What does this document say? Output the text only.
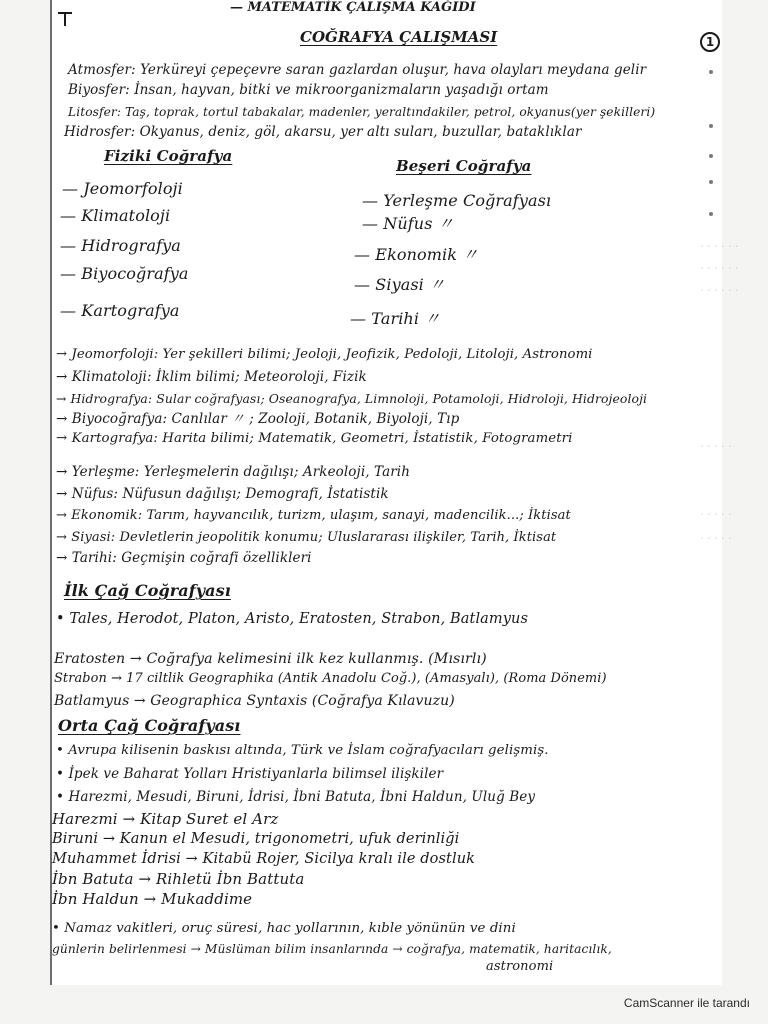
· · · · · ·
· · · · · ·
· · · · · ·
· · · · ·
· · · · ·
· · · · ·
— MATEMATİK ÇALIŞMA KAĞIDI
COĞRAFYA ÇALIŞMASI	1
Atmosfer: Yerküreyi çepeçevre saran gazlardan oluşur, hava olayları meydana gelir
Biyosfer: İnsan, hayvan, bitki ve mikroorganizmaların yaşadığı ortam
Litosfer: Taş, toprak, tortul tabakalar, madenler, yeraltındakiler, petrol, okyanus(yer şekilleri)
Hidrosfer: Okyanus, deniz, göl, akarsu, yer altı suları, buzullar, bataklıklar
Fiziki Coğrafya
Beşeri Coğrafya
— Jeomorfoloji
— Klimatoloji
— Hidrografya
— Biyocoğrafya
— Kartografya
— Yerleşme Coğrafyası
— Nüfus 〃
— Ekonomik 〃
— Siyasi 〃
— Tarihi 〃
→ Jeomorfoloji: Yer şekilleri bilimi; Jeoloji, Jeofizik, Pedoloji, Litoloji, Astronomi
→ Klimatoloji: İklim bilimi; Meteoroloji, Fizik
→ Hidrografya: Sular coğrafyası; Oseanografya, Limnoloji, Potamoloji, Hidroloji, Hidrojeoloji
→ Biyocoğrafya: Canlılar 〃 ; Zooloji, Botanik, Biyoloji, Tıp
→ Kartografya: Harita bilimi; Matematik, Geometri, İstatistik, Fotogrametri
→ Yerleşme: Yerleşmelerin dağılışı; Arkeoloji, Tarih
→ Nüfus: Nüfusun dağılışı; Demografi, İstatistik
→ Ekonomik: Tarım, hayvancılık, turizm, ulaşım, sanayi, madencilik...; İktisat
→ Siyasi: Devletlerin jeopolitik konumu; Uluslararası ilişkiler, Tarih, İktisat
→ Tarihi: Geçmişin coğrafi özellikleri
İlk Çağ Coğrafyası
• Tales, Herodot, Platon, Aristo, Eratosten, Strabon, Batlamyus
Eratosten → Coğrafya kelimesini ilk kez kullanmış. (Mısırlı)
Strabon → 17 ciltlik Geographika (Antik Anadolu Coğ.), (Amasyalı), (Roma Dönemi)
Batlamyus → Geographica Syntaxis (Coğrafya Kılavuzu)
Orta Çağ Coğrafyası
• Avrupa kilisenin baskısı altında, Türk ve İslam coğrafyacıları gelişmiş.
• İpek ve Baharat Yolları Hristiyanlarla bilimsel ilişkiler
• Harezmi, Mesudi, Biruni, İdrisi, İbni Batuta, İbni Haldun, Uluğ Bey
Harezmi → Kitap Suret el Arz
Biruni → Kanun el Mesudi, trigonometri, ufuk derinliği
Muhammet İdrisi → Kitabü Rojer, Sicilya kralı ile dostluk
İbn Batuta → Rihletü İbn Battuta
İbn Haldun → Mukaddime
• Namaz vakitleri, oruç süresi, hac yollarının, kıble yönünün ve dini
günlerin belirlenmesi → Müslüman bilim insanlarında → coğrafya, matematik, haritacılık,
astronomi
CamScanner ile tarandı
